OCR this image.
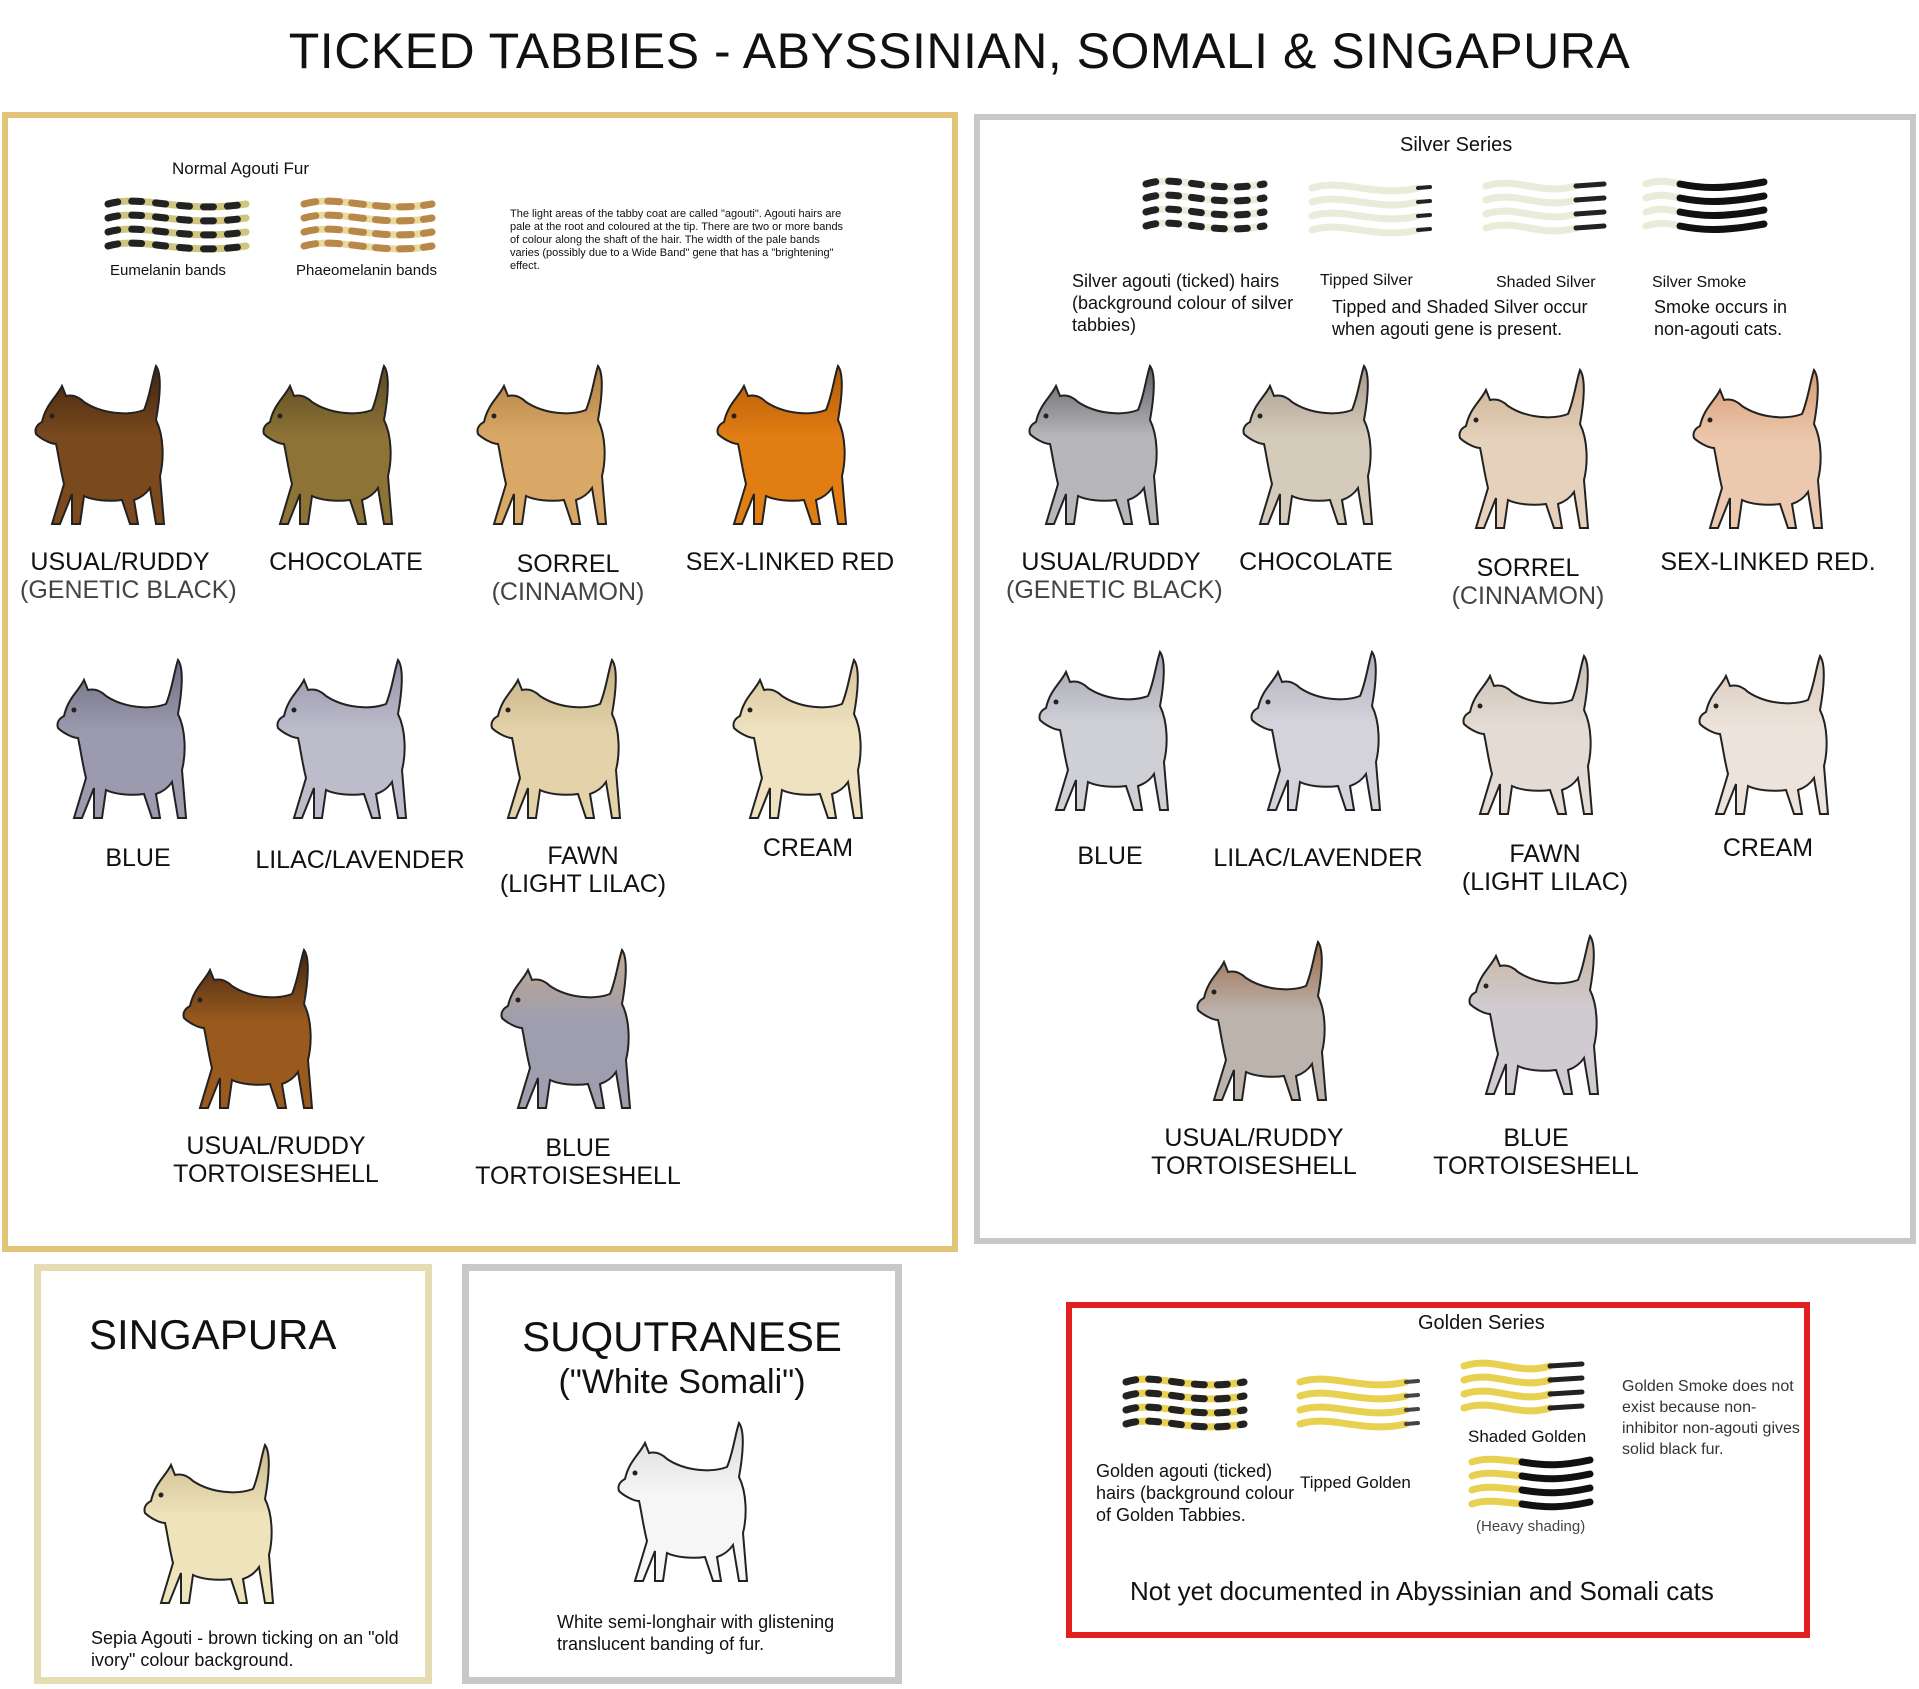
TICKED TABBIES - ABYSSINIAN, SOMALI & SINGAPURA
Normal Agouti Fur
Eumelanin bands	Phaeomelanin bands
The light areas of the tabby coat are called "agouti". Agouti hairs are pale at the root and coloured at the tip. There are two or more bands of colour along the shaft of the hair. The width of the pale bands varies (possibly due to a Wide Band" gene that has a "brightening" effect.
USUAL/RUDDY
(GENETIC BLACK)
CHOCOLATE	SORREL
(CINNAMON)
SEX-LINKED RED
BLUE	LILAC/LAVENDER	FAWN
(LIGHT LILAC)
CREAM
USUAL/RUDDY
TORTOISESHELL
BLUE
TORTOISESHELL
Silver Series
Silver agouti (ticked) hairs (background colour of silver tabbies)
Tipped Silver	Shaded Silver
Tipped and Shaded Silver occur when agouti gene is present.
Silver Smoke
Smoke occurs in non-agouti cats.
USUAL/RUDDY
(GENETIC BLACK)
CHOCOLATE	SORREL
(CINNAMON)
SEX-LINKED RED.
BLUE	LILAC/LAVENDER	FAWN
(LIGHT LILAC)
CREAM
USUAL/RUDDY
TORTOISESHELL
BLUE
TORTOISESHELL
SINGAPURA
Sepia Agouti - brown ticking on an "old ivory" colour background.
SUQUTRANESE
("White Somali")
White semi-longhair with glistening translucent banding of fur.
Golden Series
Golden agouti (ticked) hairs (background colour of Golden Tabbies.
Tipped Golden
Shaded Golden
(Heavy shading)
Golden Smoke does not exist because non-inhibitor non-agouti gives solid black fur.
Not yet documented in Abyssinian and Somali cats
